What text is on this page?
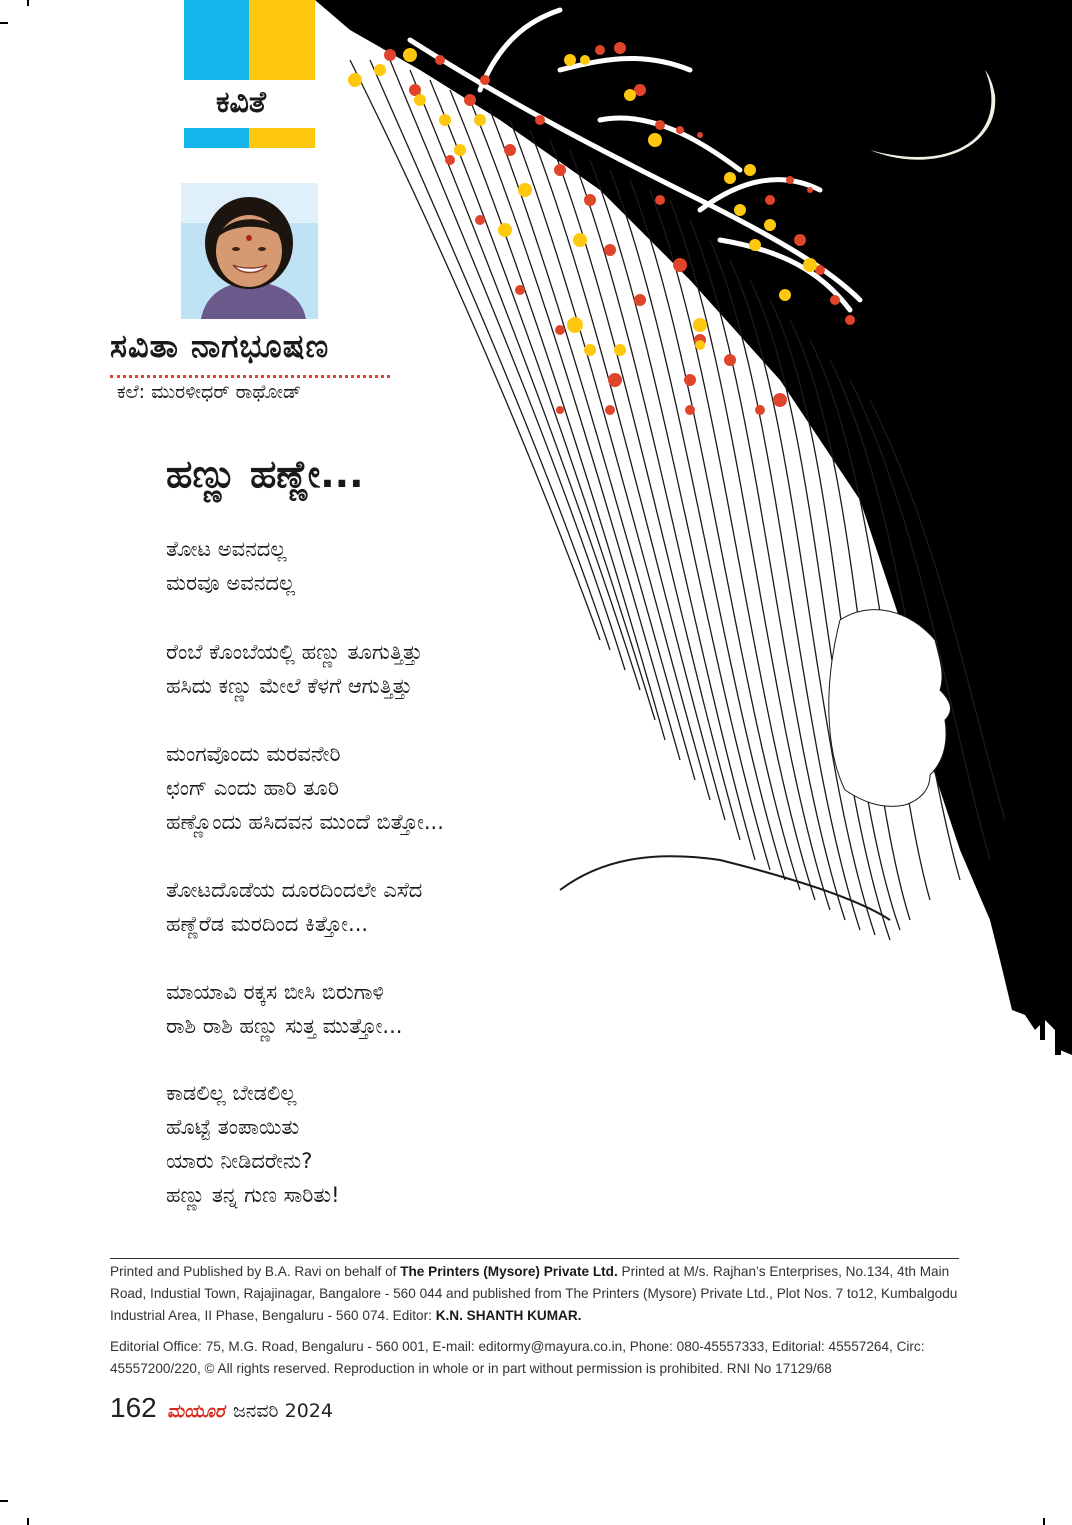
ಕವಿತೆ
ಸವಿತಾ ನಾಗಭೂಷಣ
ಕಲೆ: ಮುರಳೀಧರ್ ರಾಥೋಡ್
ಹಣ್ಣು ಹಣ್ಣೇ...
ತೋಟ ಅವನದಲ್ಲ
ಮರವೂ ಅವನದಲ್ಲ
ರೆಂಬೆ ಕೊಂಬೆಯಲ್ಲಿ ಹಣ್ಣು ತೂಗುತ್ತಿತ್ತು
ಹಸಿದು ಕಣ್ಣು ಮೇಲೆ ಕೆಳಗೆ ಆಗುತ್ತಿತ್ತು
ಮಂಗವೊಂದು ಮರವನೇರಿ
ಛಂಗ್ ಎಂದು ಹಾರಿ ತೂರಿ
ಹಣ್ಣೊಂದು ಹಸಿದವನ ಮುಂದೆ ಬಿತ್ತೋ...
ತೋಟದೊಡೆಯ ದೂರದಿಂದಲೇ ಎಸೆದ
ಹಣ್ಣೆರೆಡ ಮರದಿಂದ ಕಿತ್ತೋ...
ಮಾಯಾವಿ ರಕ್ಕಸ ಬೀಸಿ ಬಿರುಗಾಳಿ
ರಾಶಿ ರಾಶಿ ಹಣ್ಣು ಸುತ್ತ ಮುತ್ತೋ...
ಕಾಡಲಿಲ್ಲ ಬೇಡಲಿಲ್ಲ
ಹೊಟ್ಟೆ ತಂಪಾಯಿತು
ಯಾರು ನೀಡಿದರೇನು?
ಹಣ್ಣು ತನ್ನ ಗುಣ ಸಾರಿತು!
Printed and Published by B.A. Ravi on behalf of The Printers (Mysore) Private Ltd. Printed at M/s. Rajhan’s Enterprises, No.134, 4th Main Road, Industial Town, Rajajinagar, Bangalore - 560 044 and published from The Printers (Mysore) Private Ltd., Plot Nos. 7 to12, Kumbalgodu Industrial Area, II Phase, Bengaluru - 560 074. Editor: K.N. SHANTH KUMAR.
Editorial Office: 75, M.G. Road, Bengaluru - 560 001, E-mail: editormy@mayura.co.in, Phone: 080-45557333, Editorial: 45557264, Circ: 45557200/220, © All rights reserved. Reproduction in whole or in part without permission is prohibited. RNI No 17129/68
162 ಮಯೂರ ಜನವರಿ 2024
